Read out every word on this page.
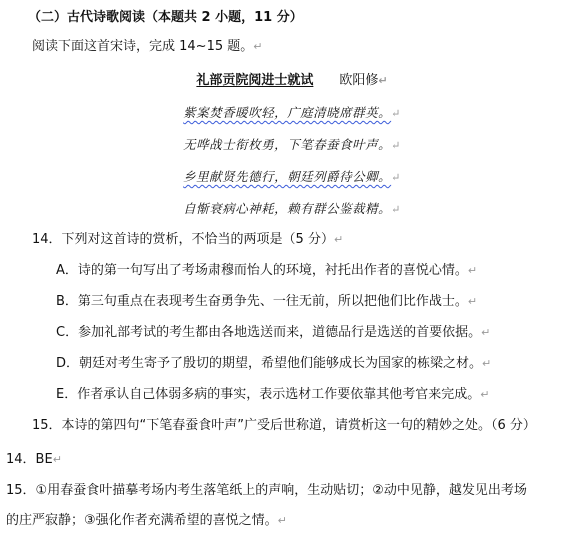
（二）古代诗歌阅读（本题共 2 小题，11 分）
阅读下面这首宋诗，完成 14~15 题。↵
礼部贡院阅进士就试 欧阳修↵
紫案焚香暖吹轻，广庭清晓席群英。↵
无哗战士衔枚勇，下笔春蚕食叶声。↵
乡里献贤先德行，朝廷列爵待公卿。↵
自惭衰病心神耗，赖有群公鉴裁精。↵
14．下列对这首诗的赏析，不恰当的两项是（5 分）↵
A．诗的第一句写出了考场肃穆而怡人的环境，衬托出作者的喜悦心情。↵
B．第三句重点在表现考生奋勇争先、一往无前，所以把他们比作战士。↵
C．参加礼部考试的考生都由各地选送而来，道德品行是选送的首要依据。↵
D．朝廷对考生寄予了殷切的期望，希望他们能够成长为国家的栋梁之材。↵
E．作者承认自己体弱多病的事实，表示选材工作要依靠其他考官来完成。↵
15．本诗的第四句“下笔春蚕食叶声”广受后世称道，请赏析这一句的精妙之处。（6 分）
14．BE↵
15．①用春蚕食叶描摹考场内考生落笔纸上的声响，生动贴切；②动中见静，越发见出考场
的庄严寂静；③强化作者充满希望的喜悦之情。↵
